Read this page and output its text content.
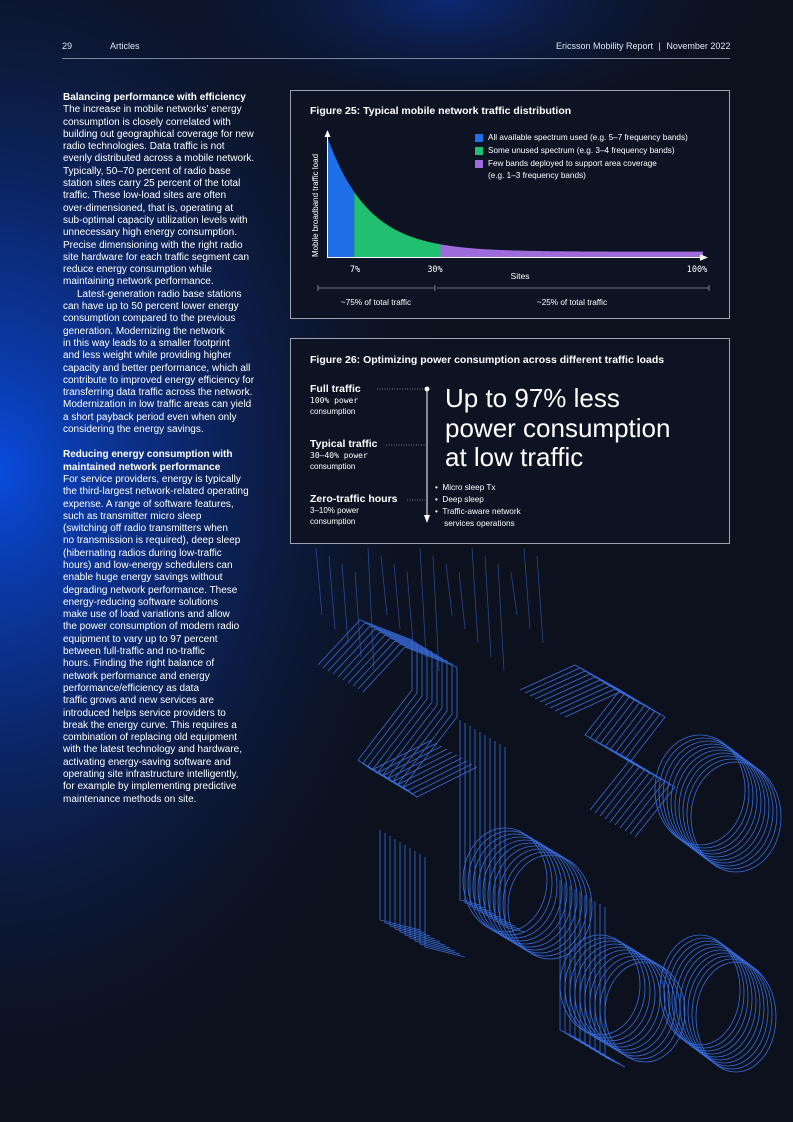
29	Articles	Ericsson Mobility Report | November 2022

Balancing performance with efficiency

The increase in mobile networks’ energy
consumption is closely correlated with
building out geographical coverage for new
radio technologies. Data traffic is not
evenly distributed across a mobile network.
Typically, 50–70 percent of radio base
station sites carry 25 percent of the total
traffic. These low-load sites are often
over-dimensioned, that is, operating at
sub-optimal capacity utilization levels with
unnecessary high energy consumption.
Precise dimensioning with the right radio
site hardware for each traffic segment can
reduce energy consumption while
maintaining network performance.
Latest-generation radio base stations
can have up to 50 percent lower energy
consumption compared to the previous
generation. Modernizing the network
in this way leads to a smaller footprint
and less weight while providing higher
capacity and better performance, which all
contribute to improved energy efficiency for
transferring data traffic across the network.
Modernization in low traffic areas can yield
a short payback period even when only
considering the energy savings.
Reducing energy consumption with
maintained network performance
For service providers, energy is typically
the third-largest network-related operating
expense. A range of software features,
such as transmitter micro sleep
(switching off radio transmitters when
no transmission is required), deep sleep
(hibernating radios during low-traffic
hours) and low-energy schedulers can
enable huge energy savings without
degrading network performance. These
energy-reducing software solutions
make use of load variations and allow
the power consumption of modern radio
equipment to vary up to 97 percent
between full-traffic and no-traffic
hours. Finding the right balance of
network performance and energy
performance/efficiency as data
traffic grows and new services are
introduced helps service providers to
break the energy curve. This requires a
combination of replacing old equipment
with the latest technology and hardware,
activating energy-saving software and
operating site infrastructure intelligently,
for example by implementing predictive
maintenance methods on site.
Figure 25: Typical mobile network traffic distribution
Mobile broadband traffic load
7%	30%	100%
Sites
~75% of total traffic	~25% of total traffic
All available spectrum used (e.g. 5–7 frequency bands)
Some unused spectrum (e.g. 3–4 frequency bands)
Few bands deployed to support area coverage
(e.g. 1–3 frequency bands)
Figure 26: Optimizing power consumption across different traffic loads
Full traffic
100% power
consumption
Typical traffic
30–40% power
consumption
Zero-traffic hours
3–10% power
consumption
•  Micro sleep Tx
•  Deep sleep
•  Traffic-aware network
services operations
Up to 97% less
power consumption
at low traffic
